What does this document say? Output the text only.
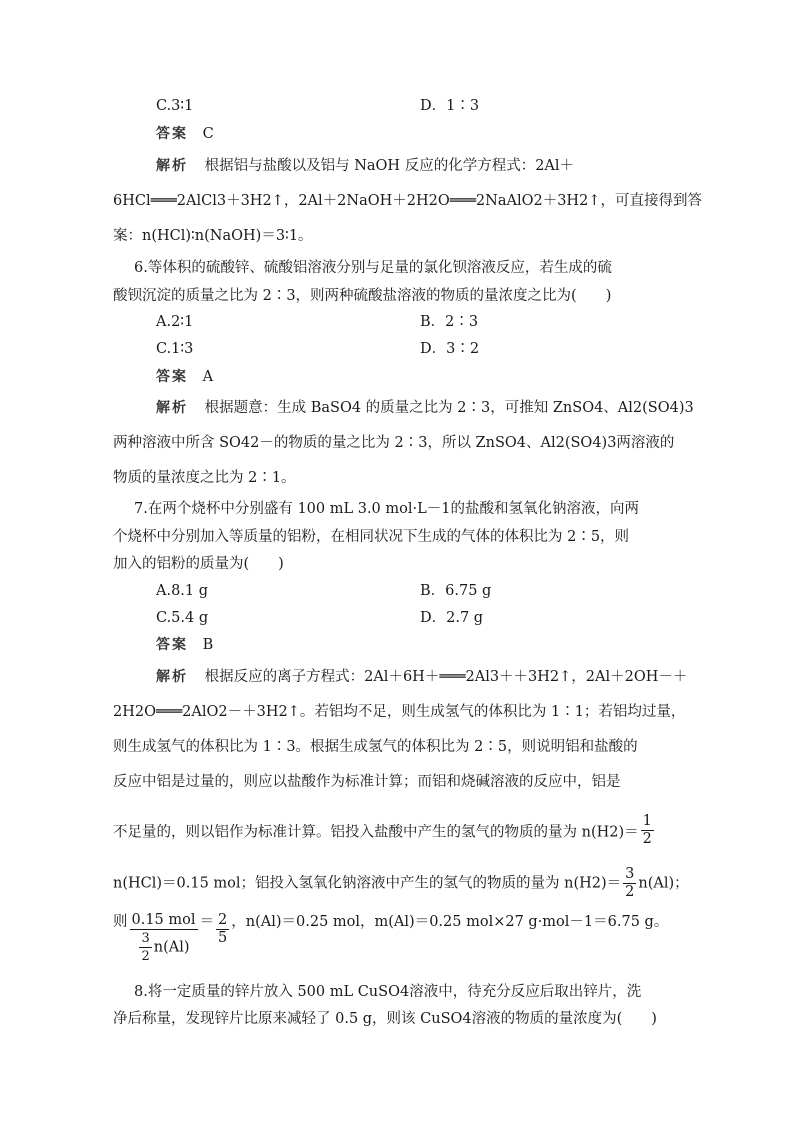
C.3∶1	D．1∶3
答案 C
解析 根据铝与盐酸以及铝与 NaOH 反应的化学方程式：2Al＋
6HCl═══2AlCl3＋3H2↑，2Al＋2NaOH＋2H2O═══2NaAlO2＋3H2↑，可直接得到答
案：n(HCl)∶n(NaOH)＝3∶1。
6.等体积的硫酸锌、硫酸铝溶液分别与足量的氯化钡溶液反应，若生成的硫
酸钡沉淀的质量之比为 2∶3，则两种硫酸盐溶液的物质的量浓度之比为(　　)
A.2∶1	B．2∶3
C.1∶3	D．3∶2
答案 A
解析 根据题意：生成 BaSO4 的质量之比为 2∶3，可推知 ZnSO4、Al2(SO4)3
两种溶液中所含 SO42－的物质的量之比为 2∶3，所以 ZnSO4、Al2(SO4)3两溶液的
物质的量浓度之比为 2∶1。
7.在两个烧杯中分别盛有 100 mL 3.0 mol·L－1的盐酸和氢氧化钠溶液，向两
个烧杯中分别加入等质量的铝粉，在相同状况下生成的气体的体积比为 2∶5，则
加入的铝粉的质量为(　　)
A.8.1 g	B．6.75 g
C.5.4 g	D．2.7 g
答案 B
解析 根据反应的离子方程式：2Al＋6H＋═══2Al3＋＋3H2↑，2Al＋2OH－＋
2H2O═══2AlO2－＋3H2↑。若铝均不足，则生成氢气的体积比为 1∶1；若铝均过量，
则生成氢气的体积比为 1∶3。根据生成氢气的体积比为 2∶5，则说明铝和盐酸的
反应中铝是过量的，则应以盐酸作为标准计算；而铝和烧碱溶液的反应中，铝是
不足量的，则以铝作为标准计算。铝投入盐酸中产生的氢气的物质的量为 $n(H2)= \frac{1}{2}$
n(HCl)＝0.15 mol；铝投入氢氧化钠溶液中产生的氢气的物质的量为 $n(H2)= \frac{3}{2} n(Al)$；
则 $\frac{\text{0.15 mol}}{\frac{3}{2} n(Al)} = \frac{2}{5}$ ，n(Al)＝0.25 mol，m(Al)＝0.25 mol×27 g·mol－1＝6.75 g。
8.将一定质量的锌片放入 500 mL CuSO4溶液中，待充分反应后取出锌片，洗
净后称量，发现锌片比原来减轻了 0.5 g，则该 CuSO4溶液的物质的量浓度为(　　)
